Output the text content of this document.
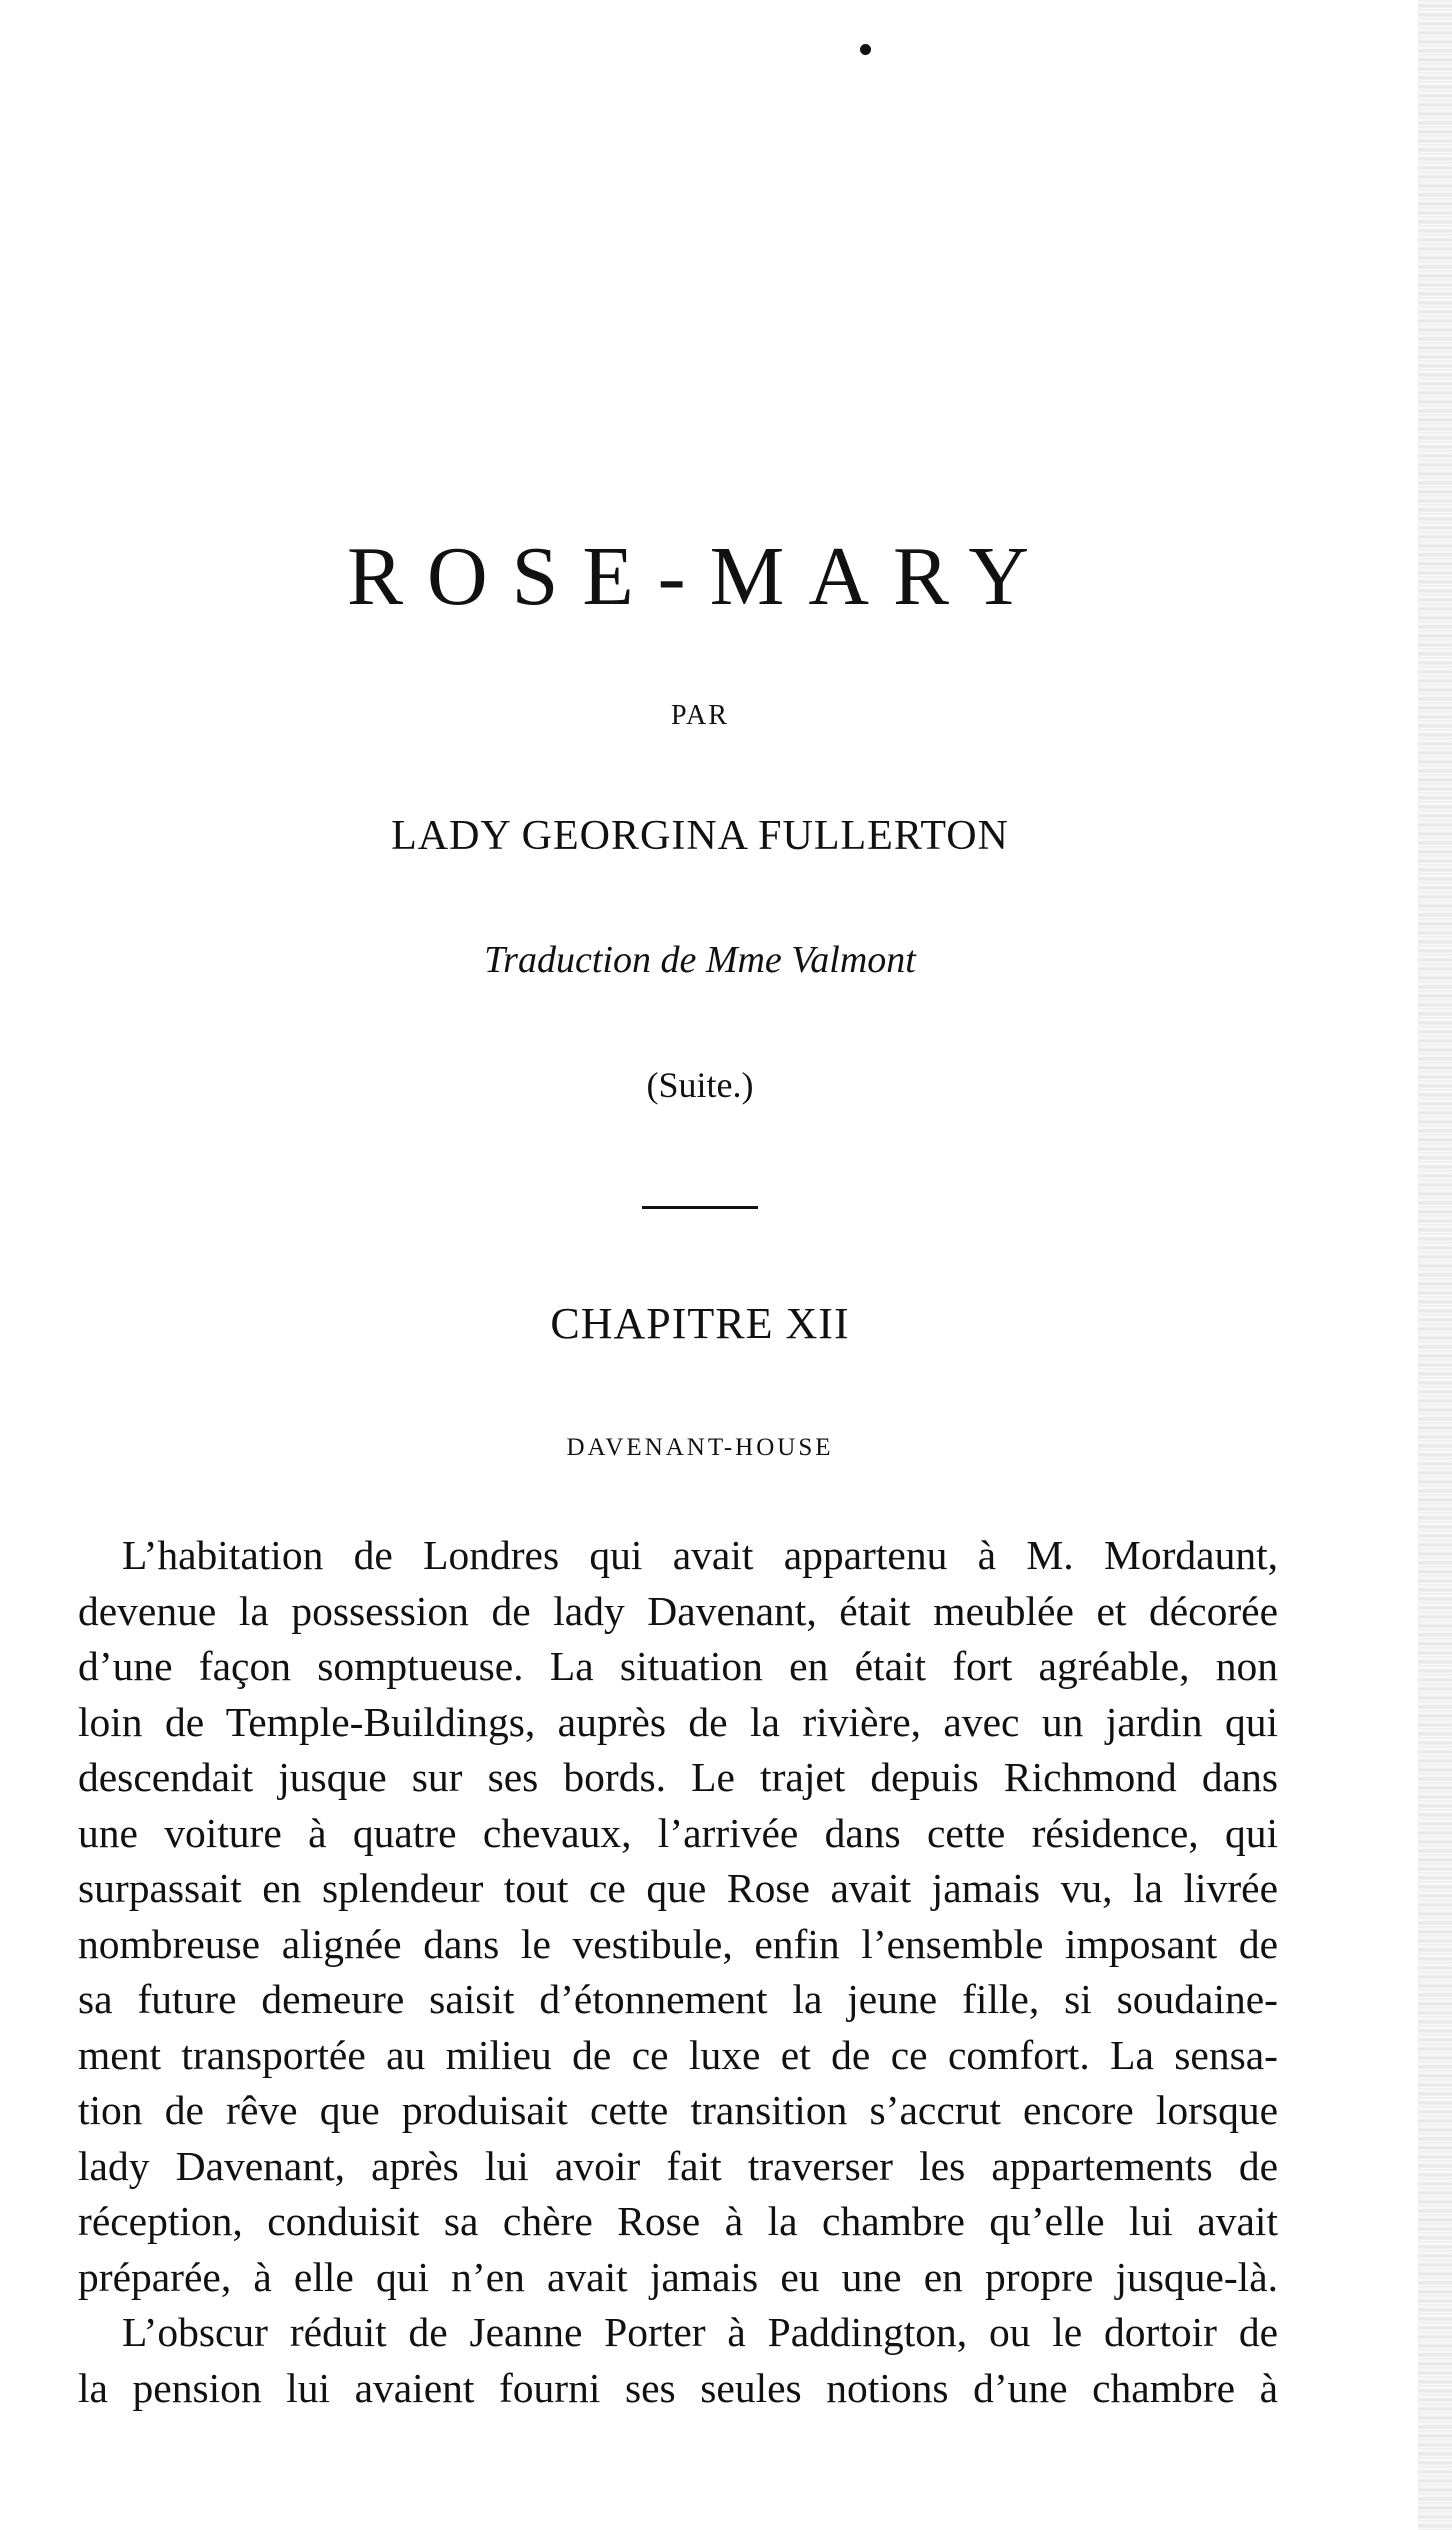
ROSE-MARY
PAR
LADY GEORGINA FULLERTON
Traduction de Mme Valmont
(Suite.)
CHAPITRE XII
DAVENANT-HOUSE
L’habitation de Londres qui avait appartenu à M. Mordaunt,
devenue la possession de lady Davenant, était meublée et décorée
d’une façon somptueuse. La situation en était fort agréable, non
loin de Temple-Buildings, auprès de la rivière, avec un jardin qui
descendait jusque sur ses bords. Le trajet depuis Richmond dans
une voiture à quatre chevaux, l’arrivée dans cette résidence, qui
surpassait en splendeur tout ce que Rose avait jamais vu, la livrée
nombreuse alignée dans le vestibule, enfin l’ensemble imposant de
sa future demeure saisit d’étonnement la jeune fille, si soudaine-
ment transportée au milieu de ce luxe et de ce comfort. La sensa-
tion de rêve que produisait cette transition s’accrut encore lorsque
lady Davenant, après lui avoir fait traverser les appartements de
réception, conduisit sa chère Rose à la chambre qu’elle lui avait
préparée, à elle qui n’en avait jamais eu une en propre jusque-là.
L’obscur réduit de Jeanne Porter à Paddington, ou le dortoir de
la pension lui avaient fourni ses seules notions d’une chambre à
